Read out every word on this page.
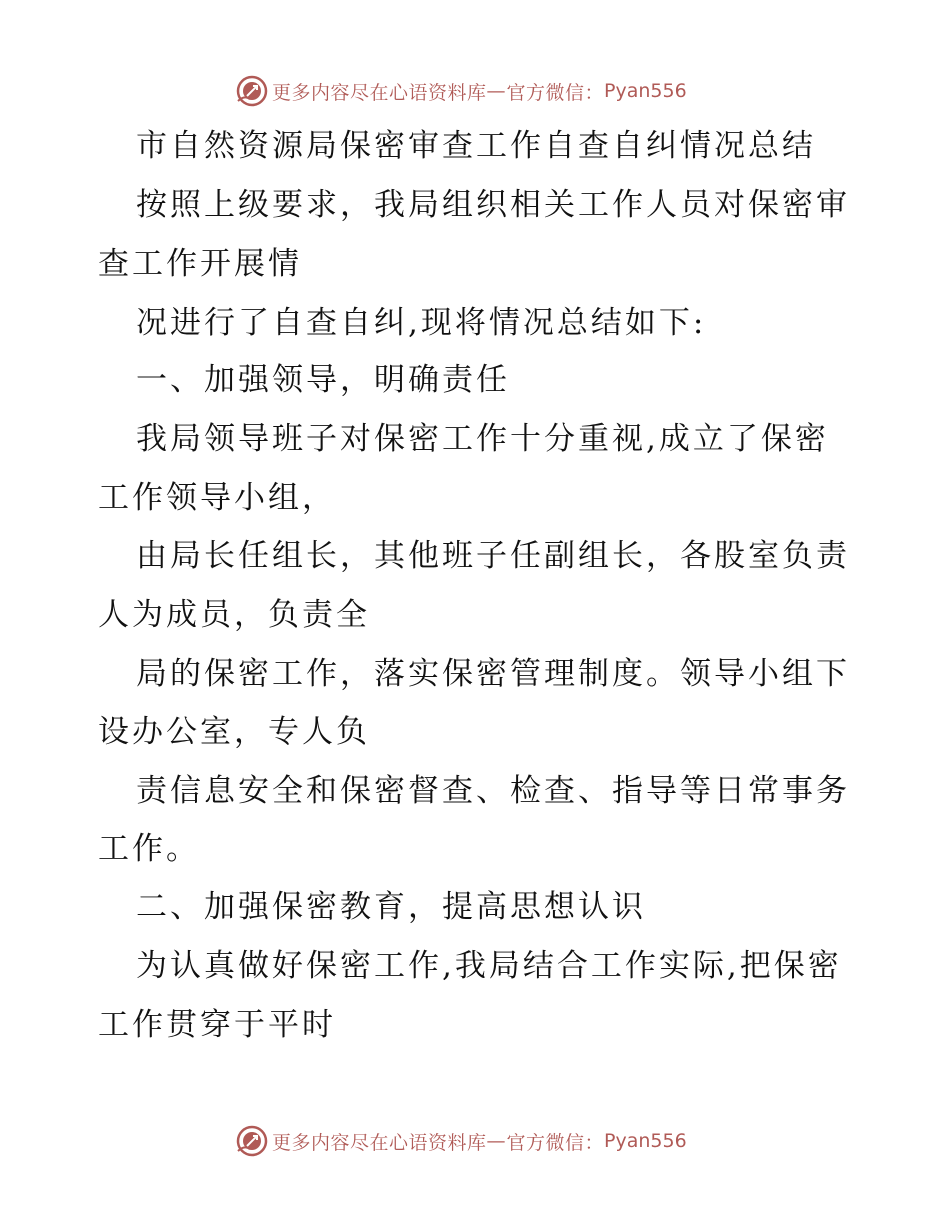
更多内容尽在心语资料库 — 官方微信： Pyan556
市自然资源局保密审查工作自查自纠情况总结
按照上级要求，我局组织相关工作人员对保密审
查工作开展情
况进行了自查自纠,现将情况总结如下:
一、加强领导，明确责任
我局领导班子对保密工作十分重视,成立了保密
工作领导小组，
由局长任组长，其他班子任副组长，各股室负责
人为成员，负责全
局的保密工作，落实保密管理制度。领导小组下
设办公室，专人负
责信息安全和保密督查、检查、指导等日常事务
工作。
二、加强保密教育，提高思想认识
为认真做好保密工作,我局结合工作实际,把保密
工作贯穿于平时
更多内容尽在心语资料库 — 官方微信： Pyan556
